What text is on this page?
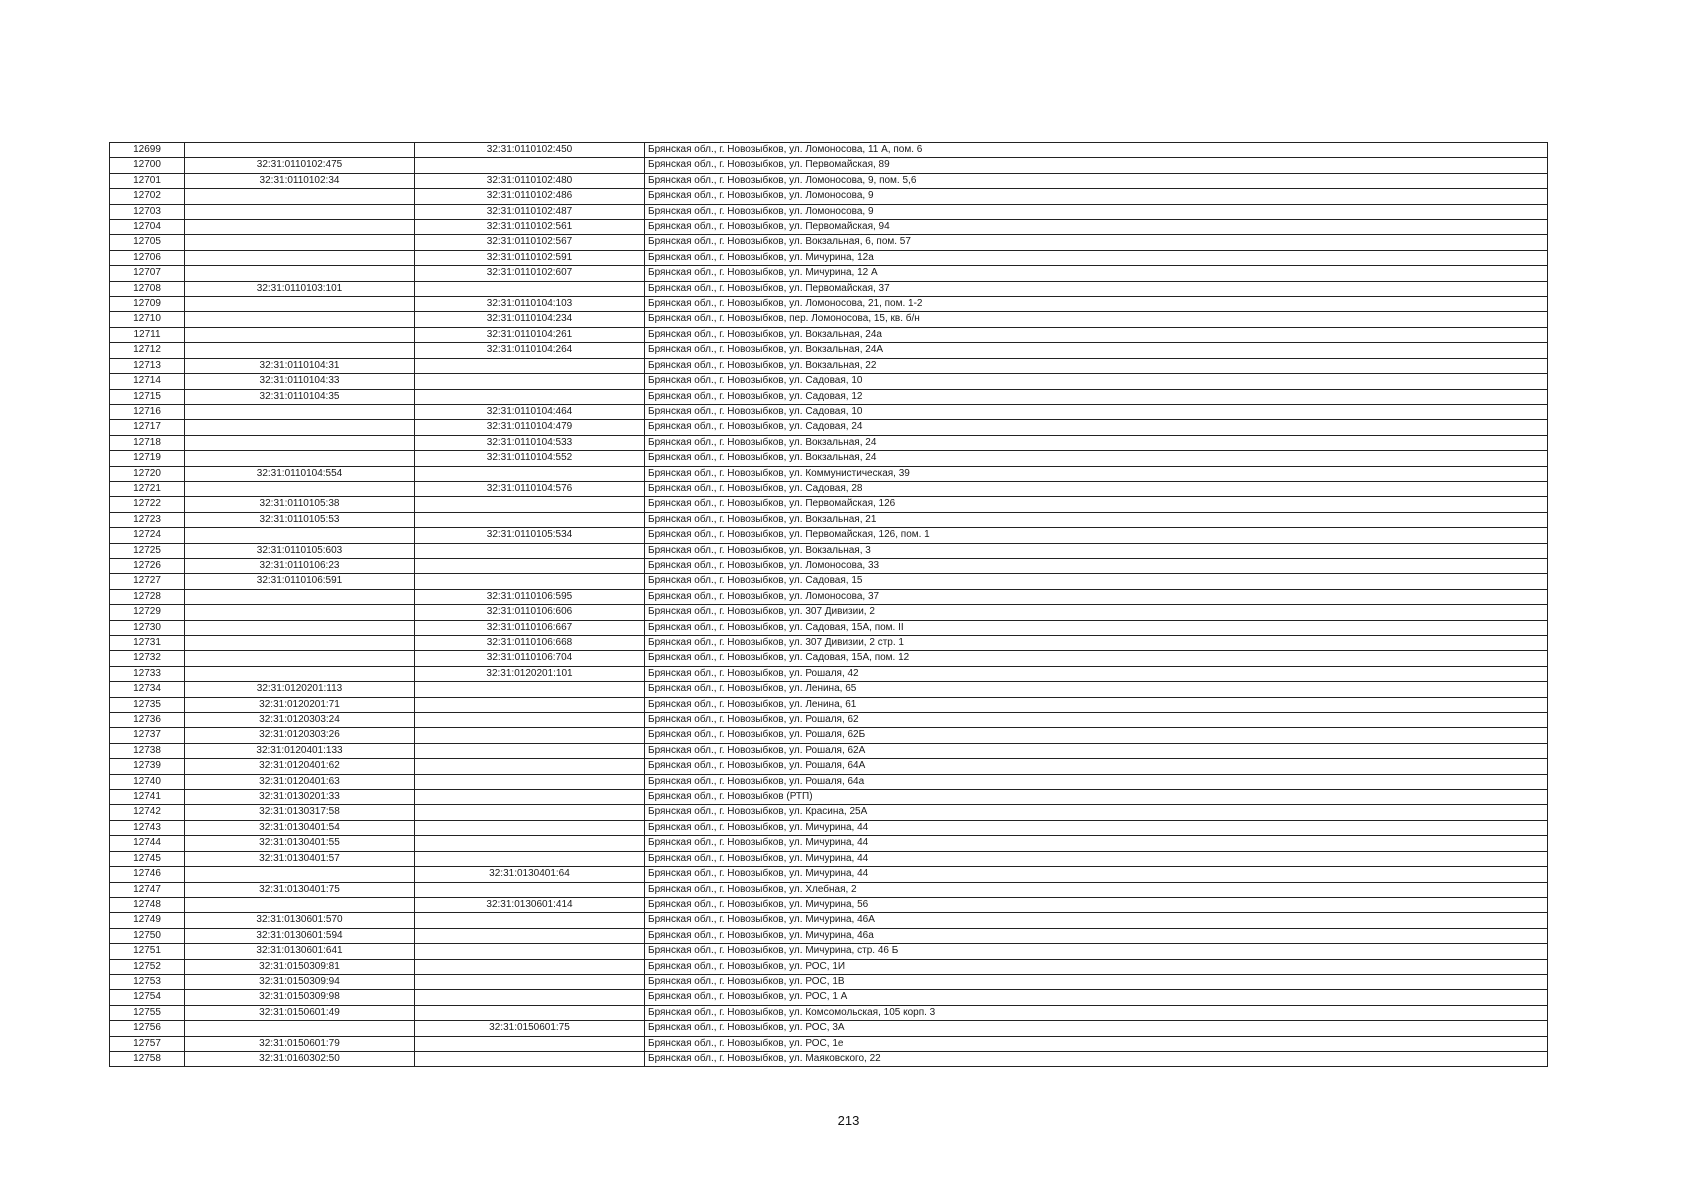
12699		32:31:0110102:450	Брянская обл., г. Новозыбков, ул. Ломоносова, 11 А, пом. 6
12700	32:31:0110102:475		Брянская обл., г. Новозыбков, ул. Первомайская, 89
12701	32:31:0110102:34	32:31:0110102:480	Брянская обл., г. Новозыбков, ул. Ломоносова, 9, пом. 5,6
12702		32:31:0110102:486	Брянская обл., г. Новозыбков, ул. Ломоносова, 9
12703		32:31:0110102:487	Брянская обл., г. Новозыбков, ул. Ломоносова, 9
12704		32:31:0110102:561	Брянская обл., г. Новозыбков, ул. Первомайская, 94
12705		32:31:0110102:567	Брянская обл., г. Новозыбков, ул. Вокзальная, 6, пом. 57
12706		32:31:0110102:591	Брянская обл., г. Новозыбков, ул. Мичурина, 12а
12707		32:31:0110102:607	Брянская обл., г. Новозыбков, ул. Мичурина, 12 А
12708	32:31:0110103:101		Брянская обл., г. Новозыбков, ул. Первомайская, 37
12709		32:31:0110104:103	Брянская обл., г. Новозыбков, ул. Ломоносова, 21, пом. 1-2
12710		32:31:0110104:234	Брянская обл., г. Новозыбков, пер. Ломоносова, 15, кв. б/н
12711		32:31:0110104:261	Брянская обл., г. Новозыбков, ул. Вокзальная, 24а
12712		32:31:0110104:264	Брянская обл., г. Новозыбков, ул. Вокзальная, 24А
12713	32:31:0110104:31		Брянская обл., г. Новозыбков, ул. Вокзальная, 22
12714	32:31:0110104:33		Брянская обл., г. Новозыбков, ул. Садовая, 10
12715	32:31:0110104:35		Брянская обл., г. Новозыбков, ул. Садовая, 12
12716		32:31:0110104:464	Брянская обл., г. Новозыбков, ул. Садовая, 10
12717		32:31:0110104:479	Брянская обл., г. Новозыбков, ул. Садовая, 24
12718		32:31:0110104:533	Брянская обл., г. Новозыбков, ул. Вокзальная, 24
12719		32:31:0110104:552	Брянская обл., г. Новозыбков, ул. Вокзальная, 24
12720	32:31:0110104:554		Брянская обл., г. Новозыбков, ул. Коммунистическая, 39
12721		32:31:0110104:576	Брянская обл., г. Новозыбков, ул. Садовая, 28
12722	32:31:0110105:38		Брянская обл., г. Новозыбков, ул. Первомайская, 126
12723	32:31:0110105:53		Брянская обл., г. Новозыбков, ул. Вокзальная, 21
12724		32:31:0110105:534	Брянская обл., г. Новозыбков, ул. Первомайская, 126, пом. 1
12725	32:31:0110105:603		Брянская обл., г. Новозыбков, ул. Вокзальная, 3
12726	32:31:0110106:23		Брянская обл., г. Новозыбков, ул. Ломоносова, 33
12727	32:31:0110106:591		Брянская обл., г. Новозыбков, ул. Садовая, 15
12728		32:31:0110106:595	Брянская обл., г. Новозыбков, ул. Ломоносова, 37
12729		32:31:0110106:606	Брянская обл., г. Новозыбков, ул. 307 Дивизии, 2
12730		32:31:0110106:667	Брянская обл., г. Новозыбков, ул. Садовая, 15А, пом. II
12731		32:31:0110106:668	Брянская обл., г. Новозыбков, ул. 307 Дивизии, 2 стр. 1
12732		32:31:0110106:704	Брянская обл., г. Новозыбков, ул. Садовая, 15А, пом. 12
12733		32:31:0120201:101	Брянская обл., г. Новозыбков, ул. Рошаля, 42
12734	32:31:0120201:113		Брянская обл., г. Новозыбков, ул. Ленина, 65
12735	32:31:0120201:71		Брянская обл., г. Новозыбков, ул. Ленина, 61
12736	32:31:0120303:24		Брянская обл., г. Новозыбков, ул. Рошаля, 62
12737	32:31:0120303:26		Брянская обл., г. Новозыбков, ул. Рошаля, 62Б
12738	32:31:0120401:133		Брянская обл., г. Новозыбков, ул. Рошаля, 62А
12739	32:31:0120401:62		Брянская обл., г. Новозыбков, ул. Рошаля, 64А
12740	32:31:0120401:63		Брянская обл., г. Новозыбков, ул. Рошаля, 64а
12741	32:31:0130201:33		Брянская обл., г. Новозыбков (РТП)
12742	32:31:0130317:58		Брянская обл., г. Новозыбков, ул. Красина, 25А
12743	32:31:0130401:54		Брянская обл., г. Новозыбков, ул. Мичурина, 44
12744	32:31:0130401:55		Брянская обл., г. Новозыбков, ул. Мичурина, 44
12745	32:31:0130401:57		Брянская обл., г. Новозыбков, ул. Мичурина, 44
12746		32:31:0130401:64	Брянская обл., г. Новозыбков, ул. Мичурина, 44
12747	32:31:0130401:75		Брянская обл., г. Новозыбков, ул. Хлебная, 2
12748		32:31:0130601:414	Брянская обл., г. Новозыбков, ул. Мичурина, 56
12749	32:31:0130601:570		Брянская обл., г. Новозыбков, ул. Мичурина, 46А
12750	32:31:0130601:594		Брянская обл., г. Новозыбков, ул. Мичурина, 46а
12751	32:31:0130601:641		Брянская обл., г. Новозыбков, ул. Мичурина, стр. 46 Б
12752	32:31:0150309:81		Брянская обл., г. Новозыбков, ул. РОС, 1И
12753	32:31:0150309:94		Брянская обл., г. Новозыбков, ул. РОС, 1В
12754	32:31:0150309:98		Брянская обл., г. Новозыбков, ул. РОС, 1 А
12755	32:31:0150601:49		Брянская обл., г. Новозыбков, ул. Комсомольская, 105 корп. 3
12756		32:31:0150601:75	Брянская обл., г. Новозыбков, ул. РОС, 3А
12757	32:31:0150601:79		Брянская обл., г. Новозыбков, ул. РОС, 1е
12758	32:31:0160302:50		Брянская обл., г. Новозыбков, ул. Маяковского, 22
213
